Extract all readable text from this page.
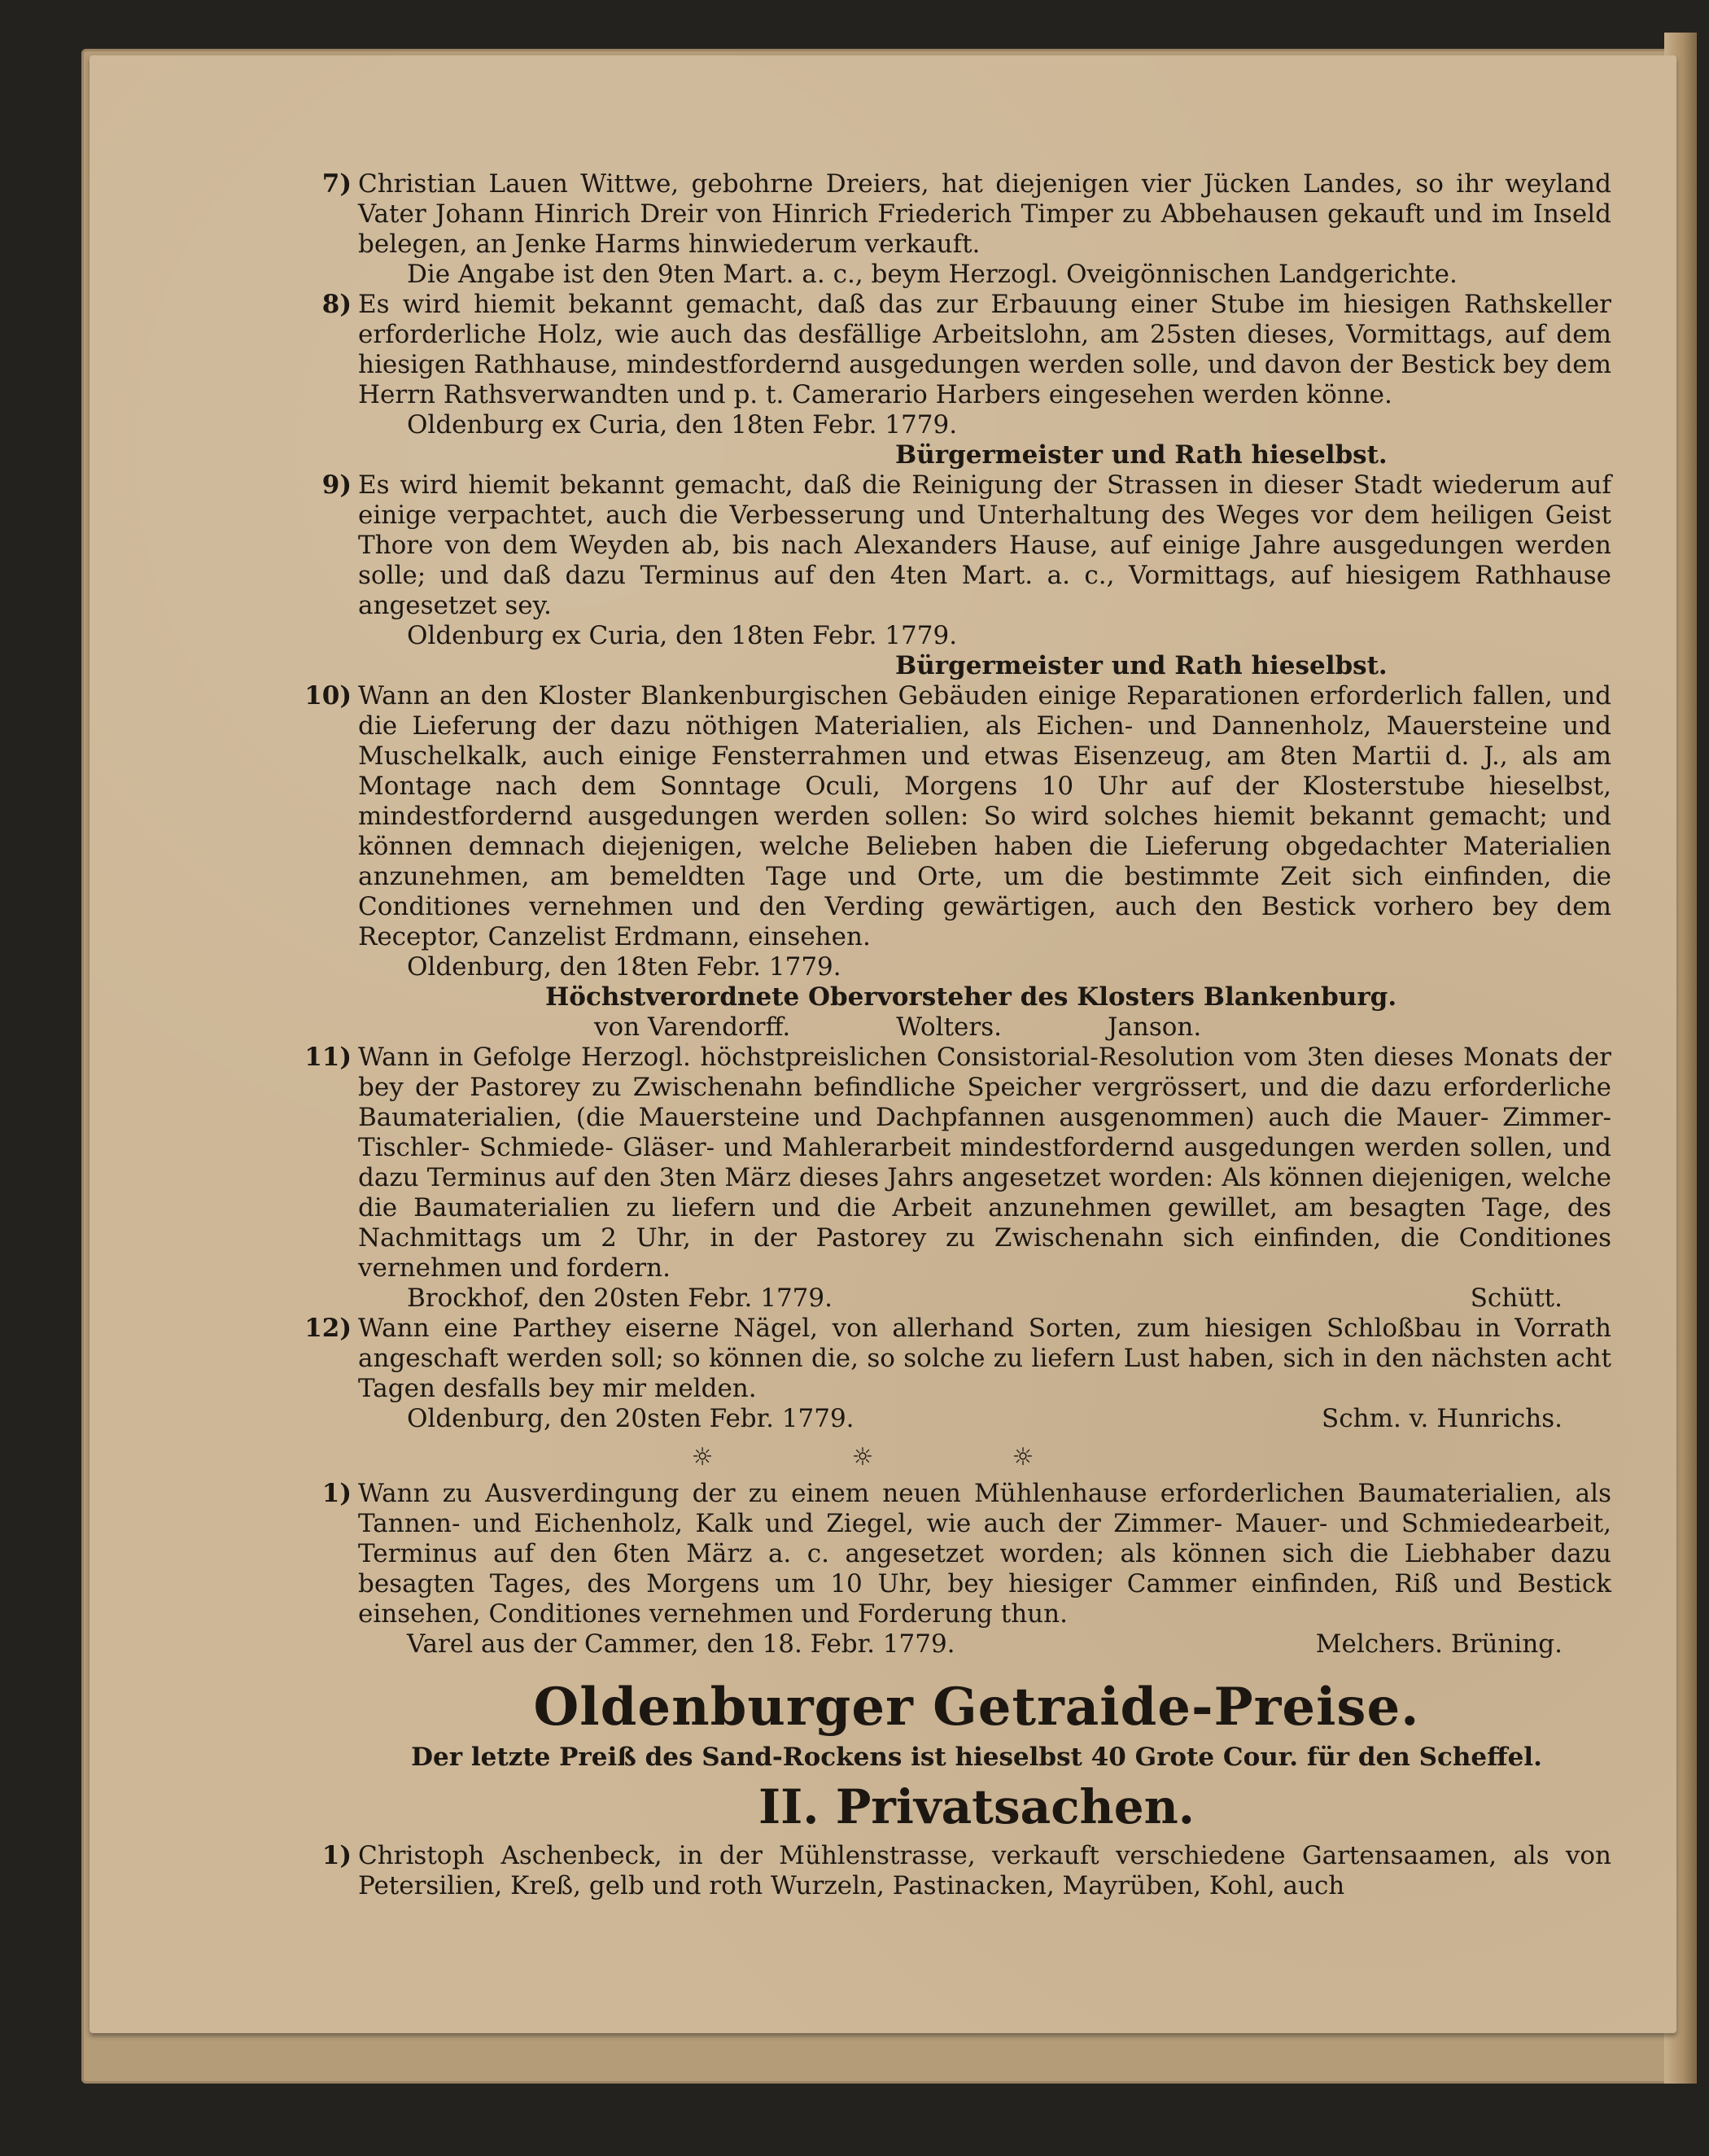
7) Christian Lauen Wittwe, gebohrne Dreiers, hat diejenigen vier Jücken Landes, so ihr weyland Vater Johann Hinrich Dreir von Hinrich Friederich Timper zu Abbehausen gekauft und im Inseld belegen, an Jenke Harms hinwiederum verkauft.
Die Angabe ist den 9ten Mart. a. c., beym Herzogl. Oveigönnischen Landgerichte.
8) Es wird hiemit bekannt gemacht, daß das zur Erbauung einer Stube im hiesigen Rathskeller erforderliche Holz, wie auch das desfällige Arbeitslohn, am 25sten dieses, Vormittags, auf dem hiesigen Rathhause, mindestfordernd ausgedungen werden solle, und davon der Bestick bey dem Herrn Rathsverwandten und p. t. Camerario Harbers eingesehen werden könne.
Oldenburg ex Curia, den 18ten Febr. 1779.
Bürgermeister und Rath hieselbst.
9) Es wird hiemit bekannt gemacht, daß die Reinigung der Strassen in dieser Stadt wiederum auf einige verpachtet, auch die Verbesserung und Unterhaltung des Weges vor dem heiligen Geist Thore von dem Weyden ab, bis nach Alexanders Hause, auf einige Jahre ausgedungen werden solle; und daß dazu Terminus auf den 4ten Mart. a. c., Vormittags, auf hiesigem Rathhause angesetzet sey.
Oldenburg ex Curia, den 18ten Febr. 1779.
Bürgermeister und Rath hieselbst.
10) Wann an den Kloster Blankenburgischen Gebäuden einige Reparationen erforderlich fallen, und die Lieferung der dazu nöthigen Materialien, als Eichen- und Dannenholz, Mauersteine und Muschelkalk, auch einige Fensterrahmen und etwas Eisenzeug, am 8ten Martii d. J., als am Montage nach dem Sonntage Oculi, Morgens 10 Uhr auf der Klosterstube hieselbst, mindestfordernd ausgedungen werden sollen: So wird solches hiemit bekannt gemacht; und können demnach diejenigen, welche Belieben haben die Lieferung obgedachter Materialien anzunehmen, am bemeldten Tage und Orte, um die bestimmte Zeit sich einfinden, die Conditiones vernehmen und den Verding gewärtigen, auch den Bestick vorhero bey dem Receptor, Canzelist Erdmann, einsehen.
Oldenburg, den 18ten Febr. 1779.
Höchstverordnete Obervorsteher des Klosters Blankenburg.
von Varendorff.	Wolters.	Janson.
11) Wann in Gefolge Herzogl. höchstpreislichen Consistorial-Resolution vom 3ten dieses Monats der bey der Pastorey zu Zwischenahn befindliche Speicher vergrössert, und die dazu erforderliche Baumaterialien, (die Mauersteine und Dachpfannen ausgenommen) auch die Mauer- Zimmer- Tischler- Schmiede- Gläser- und Mahlerarbeit mindestfordernd ausgedungen werden sollen, und dazu Terminus auf den 3ten März dieses Jahrs angesetzet worden: Als können diejenigen, welche die Baumaterialien zu liefern und die Arbeit anzunehmen gewillet, am besagten Tage, des Nachmittags um 2 Uhr, in der Pastorey zu Zwischenahn sich einfinden, die Conditiones vernehmen und fordern.
Brockhof, den 20sten Febr. 1779.	Schütt.
12) Wann eine Parthey eiserne Nägel, von allerhand Sorten, zum hiesigen Schloßbau in Vorrath angeschaft werden soll; so können die, so solche zu liefern Lust haben, sich in den nächsten acht Tagen desfalls bey mir melden.
Oldenburg, den 20sten Febr. 1779.	Schm. v. Hunrichs.
☼	☼	☼
1) Wann zu Ausverdingung der zu einem neuen Mühlenhause erforderlichen Baumaterialien, als Tannen- und Eichenholz, Kalk und Ziegel, wie auch der Zimmer- Mauer- und Schmiedearbeit, Terminus auf den 6ten März a. c. angesetzet worden; als können sich die Liebhaber dazu besagten Tages, des Morgens um 10 Uhr, bey hiesiger Cammer einfinden, Riß und Bestick einsehen, Conditiones vernehmen und Forderung thun.
Varel aus der Cammer, den 18. Febr. 1779.	Melchers. Brüning.
Oldenburger Getraide-Preise.
Der letzte Preiß des Sand-Rockens ist hieselbst 40 Grote Cour. für den Scheffel.
II. Privatsachen.
1) Christoph Aschenbeck, in der Mühlenstrasse, verkauft verschiedene Gartensaamen, als von Petersilien, Kreß, gelb und roth Wurzeln, Pastinacken, Mayrüben, Kohl, auch
